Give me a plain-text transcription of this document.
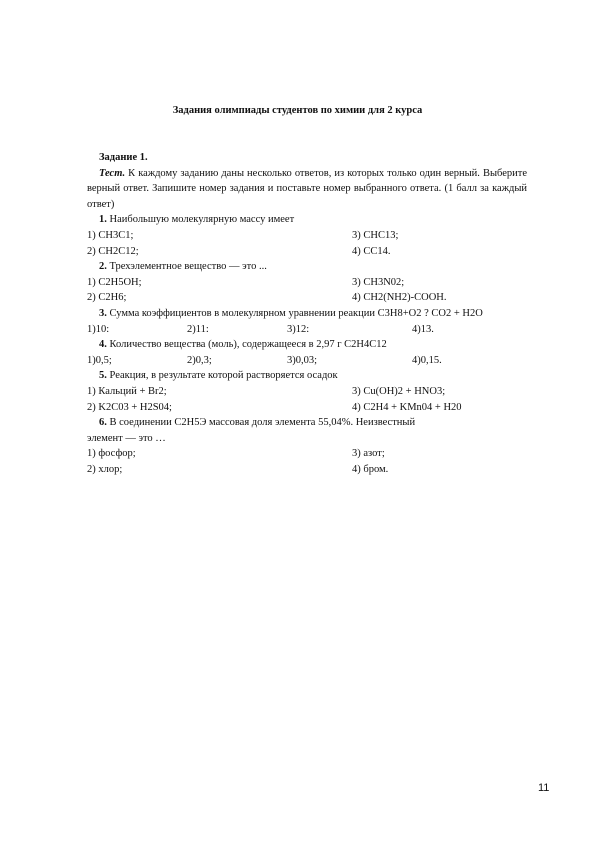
Задания олимпиады студентов по химии для 2 курса
Задание 1.

Тест. К каждому заданию даны несколько ответов, из которых только один верный. Выберите верный ответ. Запишите номер задания и поставьте номер выбранного ответа. (1 балл за каждый ответ)

1. Наибольшую молекулярную массу имеет
1) CH3C1;	3) CHC13;
2) CH2C12;	4) CC14.
2. Трехэлементное вещество — это ...
1) C2H5OH;	3) CH3N02;
2) C2H6;	4) CH2(NH2)-COOH.
3. Сумма коэффициентов в молекулярном уравнении реакции C3H8+O2 ? CO2 + H2O
1)10:	2)11:	3)12:	4)13.
4. Количество вещества (моль), содержащееся в 2,97 г C2H4C12
1)0,5;	2)0,3;	3)0,03;	4)0,15.
5. Реакция, в результате которой растворяется осадок
1) Кальций + Br2;	3) Cu(OH)2 + HNO3;
2) K2C03 + H2S04;	4) C2H4 + KMn04 + H20
6. В соединении C2H5Э массовая доля элемента 55,04%. Неизвестный
элемент — это …
1) фосфор;	3) азот;
2) хлор;	4) бром.
11
